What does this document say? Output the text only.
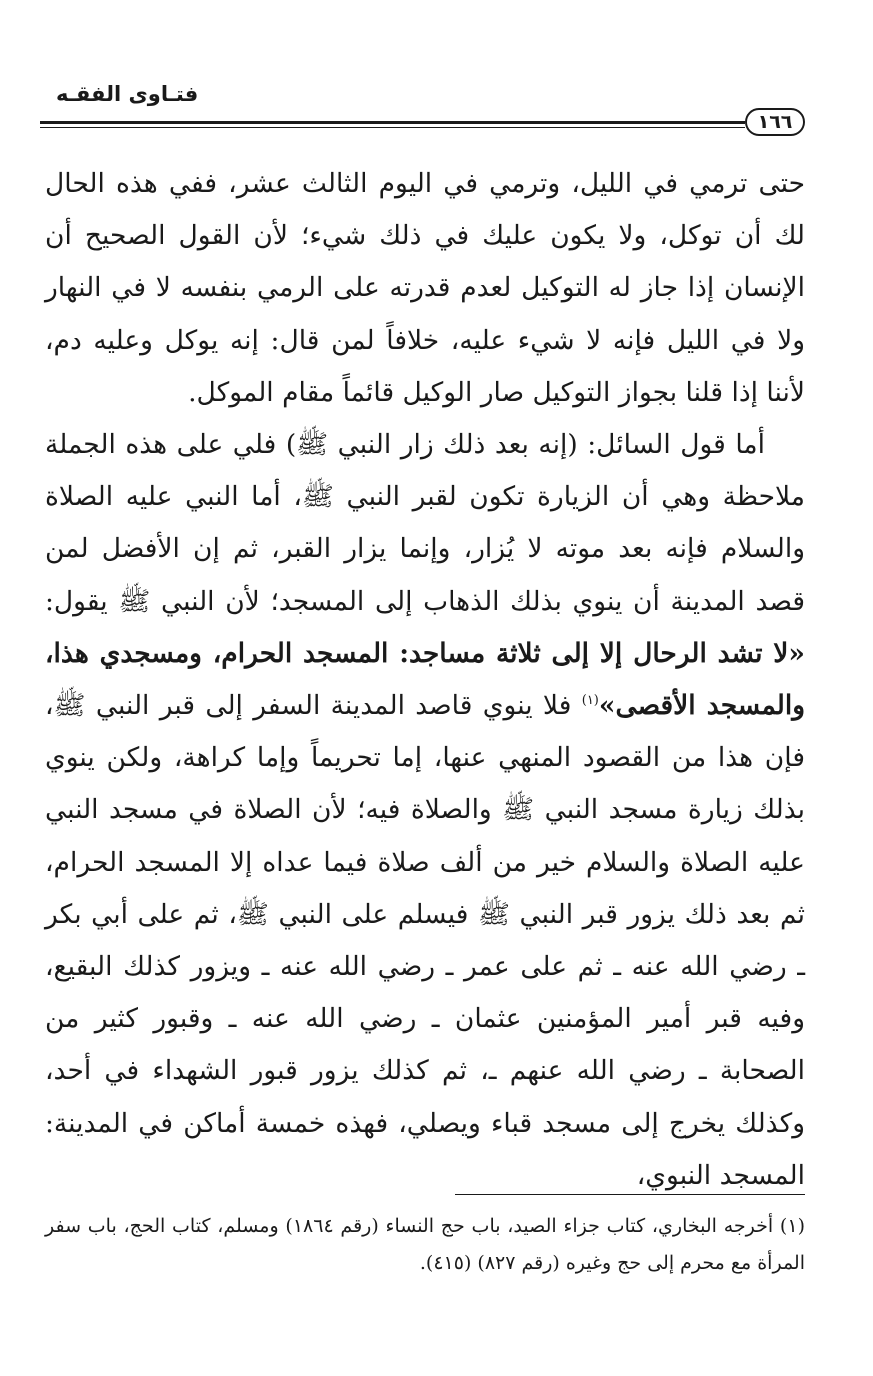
فتـاوى الفقـه
١٦٦

حتى ترمي في الليل، وترمي في اليوم الثالث عشر، ففي هذه الحال لك أن توكل، ولا يكون عليك في ذلك شيء؛ لأن القول الصحيح أن الإنسان إذا جاز له التوكيل لعدم قدرته على الرمي بنفسه لا في النهار ولا في الليل فإنه لا شيء عليه، خلافاً لمن قال: إنه يوكل وعليه دم، لأننا إذا قلنا بجواز التوكيل صار الوكيل قائماً مقام الموكل.

أما قول السائل: (إنه بعد ذلك زار النبي ﷺ) فلي على هذه الجملة ملاحظة وهي أن الزيارة تكون لقبر النبي ﷺ، أما النبي عليه الصلاة والسلام فإنه بعد موته لا يُزار، وإنما يزار القبر، ثم إن الأفضل لمن قصد المدينة أن ينوي بذلك الذهاب إلى المسجد؛ لأن النبي ﷺ يقول: «لا تشد الرحال إلا إلى ثلاثة مساجد: المسجد الحرام، ومسجدي هذا، والمسجد الأقصى»$^{(١)}$ فلا ينوي قاصد المدينة السفر إلى قبر النبي ﷺ، فإن هذا من القصود المنهي عنها، إما تحريماً وإما كراهة، ولكن ينوي بذلك زيارة مسجد النبي ﷺ والصلاة فيه؛ لأن الصلاة في مسجد النبي عليه الصلاة والسلام خير من ألف صلاة فيما عداه إلا المسجد الحرام، ثم بعد ذلك يزور قبر النبي ﷺ فيسلم على النبي ﷺ، ثم على أبي بكر ـ رضي الله عنه ـ ثم على عمر ـ رضي الله عنه ـ ويزور كذلك البقيع، وفيه قبر أمير المؤمنين عثمان ـ رضي الله عنه ـ وقبور كثير من الصحابة ـ رضي الله عنهم ـ، ثم كذلك يزور قبور الشهداء في أحد، وكذلك يخرج إلى مسجد قباء ويصلي، فهذه خمسة أماكن في المدينة: المسجد النبوي،

(١) أخرجه البخاري، كتاب جزاء الصيد، باب حج النساء (رقم ١٨٦٤) ومسلم، كتاب الحج، باب سفر المرأة مع محرم إلى حج وغيره (رقم ٨٢٧) (٤١٥).
